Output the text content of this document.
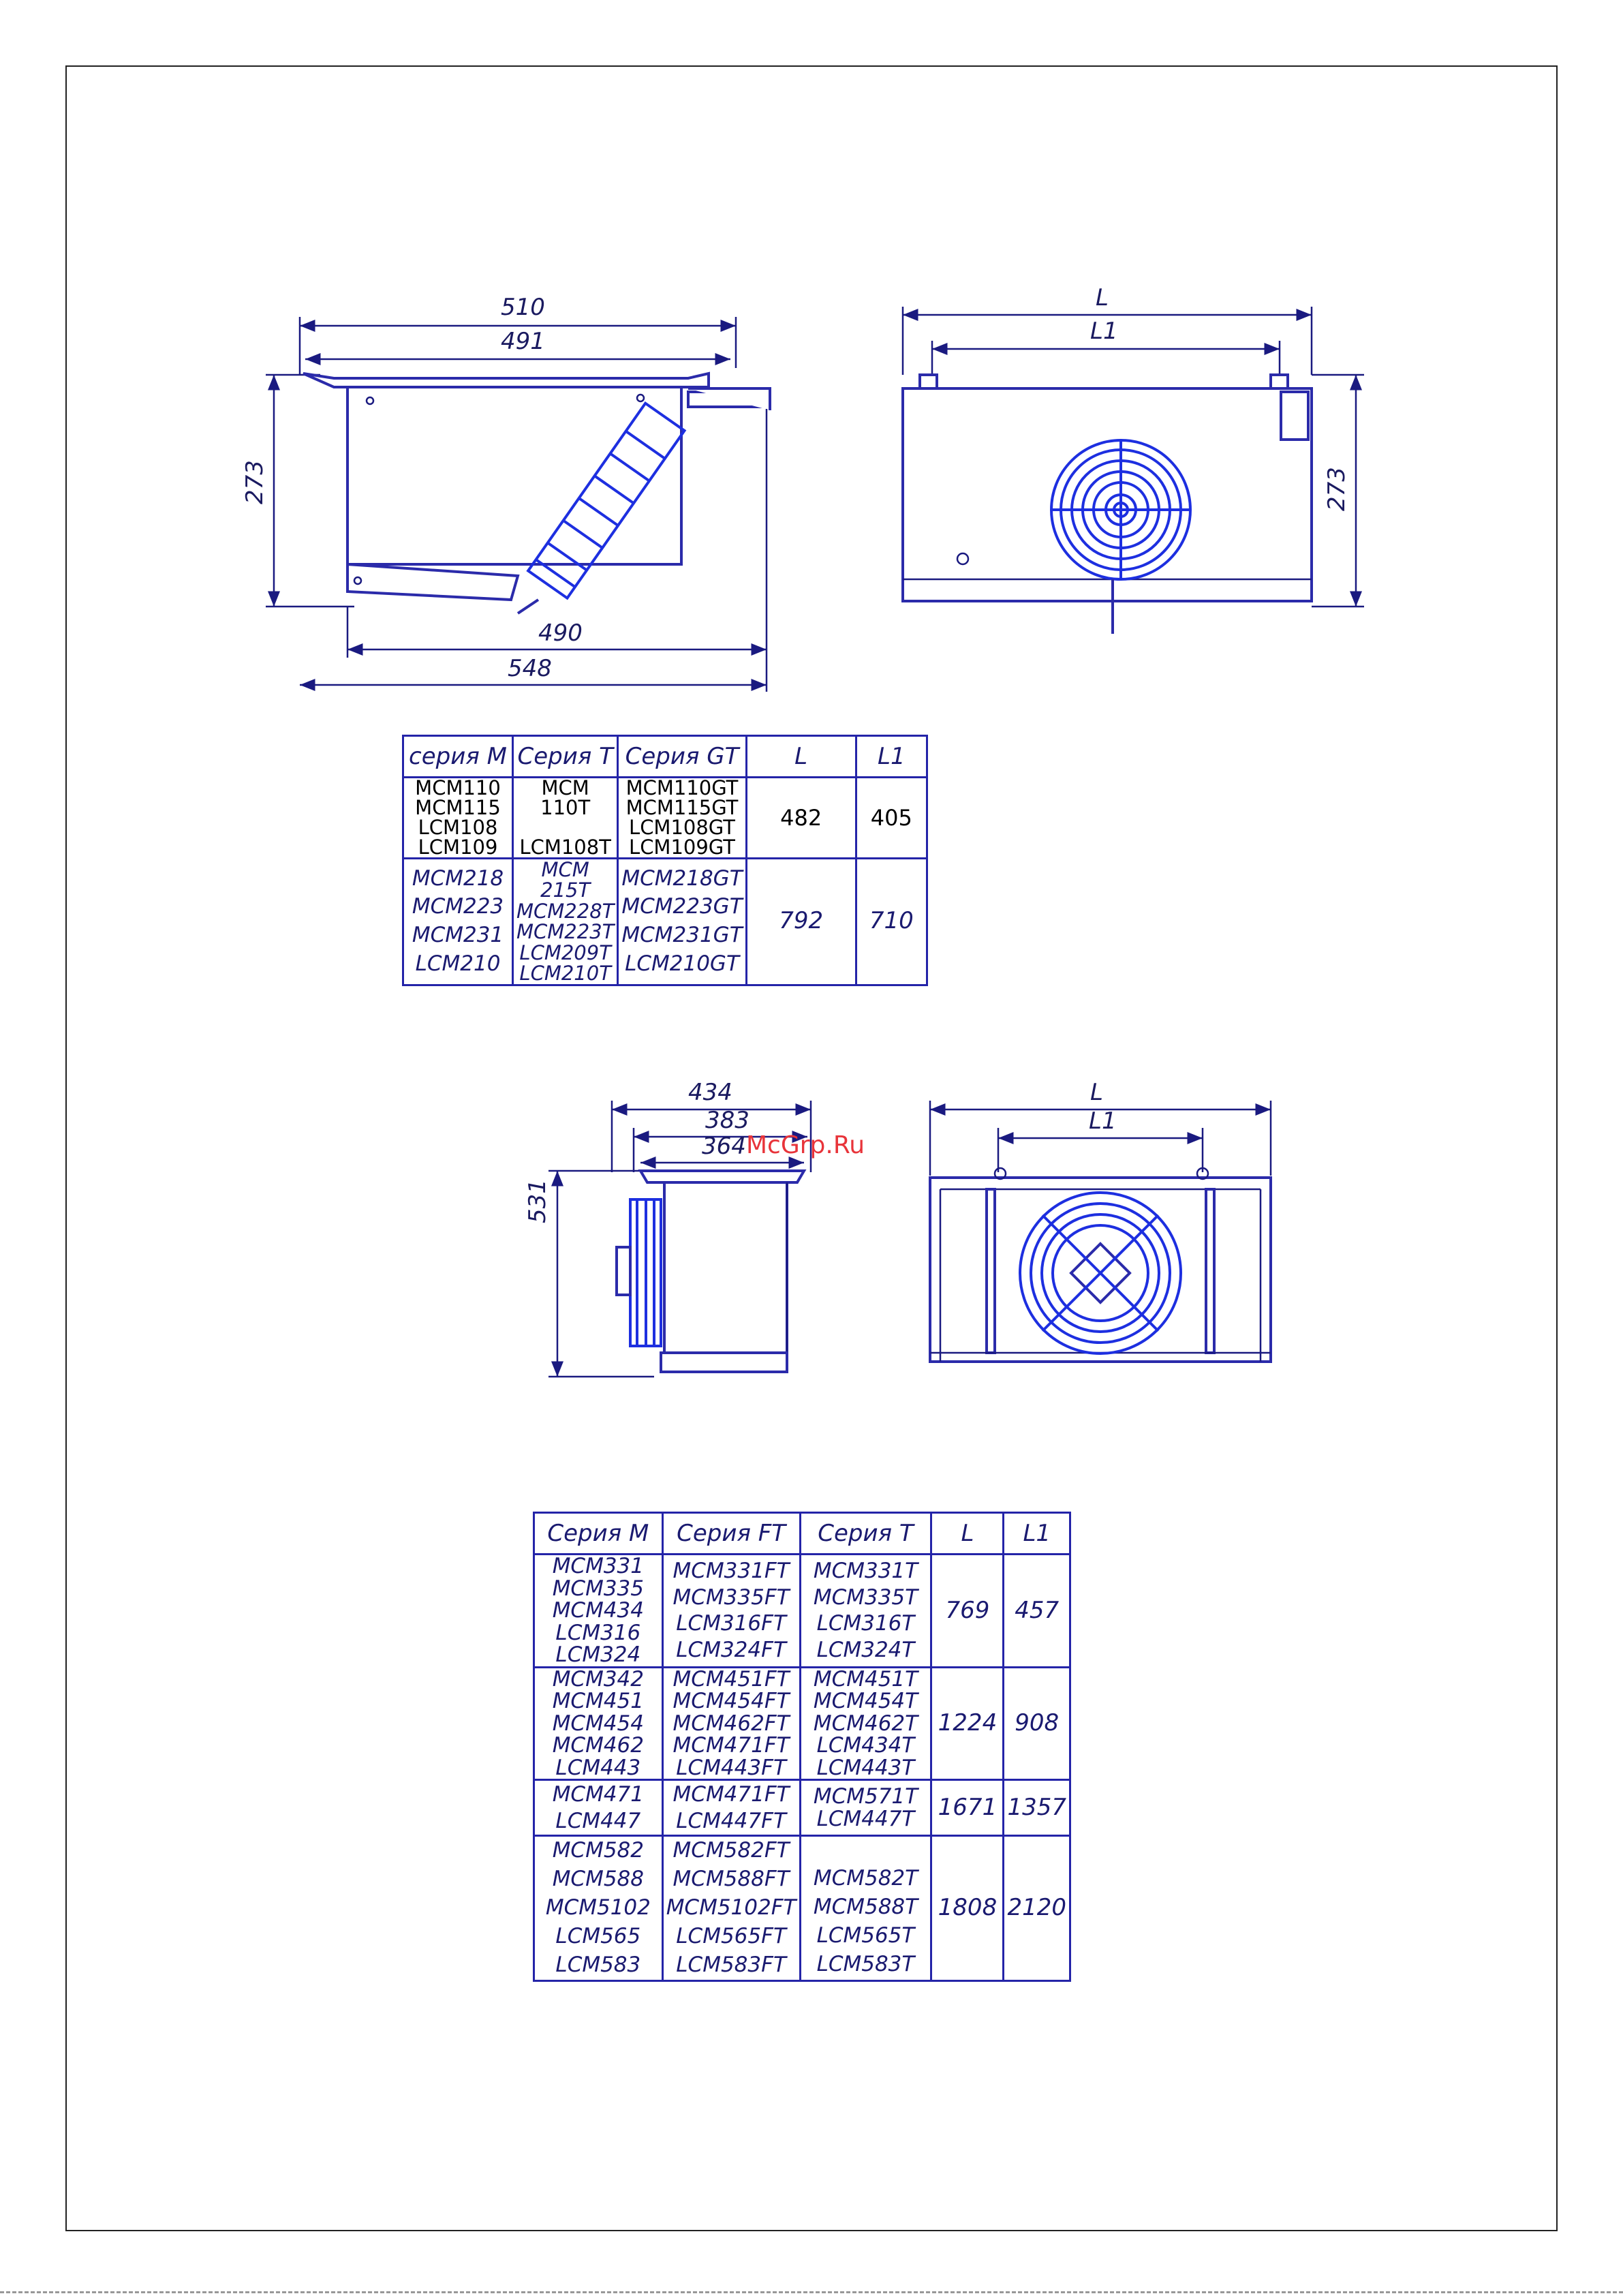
510
491
273
490
548
L
L1
273
434
383
364
531
L
L1
McGrp.Ru
серия М	Серия Т	Серия GT	L	L1
MCM110
MCM115
LCM108
LCM109	MCM 110T

LCM108T	MCM110GT
MCM115GT
LCM108GT
LCM109GT	482	405
MCM218
MCM223
MCM231
LCM210	MCM 215T
MCM228T
MCM223T
LCM209T
LCM210T	MCM218GT
MCM223GT
MCM231GT
LCM210GT	792	710
Серия М	Серия FT	Серия Т	L	L1
MCM331
MCM335
MCM434
LCM316
LCM324	MCM331FT
MCM335FT
LCM316FT
LCM324FT	MCM331T
MCM335T
LCM316T
LCM324T	769	457
MCM342
MCM451
MCM454
MCM462
LCM443	MCM451FT
MCM454FT
MCM462FT
MCM471FT
LCM443FT	MCM451T
MCM454T
MCM462T
LCM434T
LCM443T	1224	908
MCM471
LCM447	MCM471FT
LCM447FT	MCM571T
LCM447T	1671	1357
MCM582
MCM588
MCM5102
LCM565
LCM583	MCM582FT
MCM588FT
MCM5102FT
LCM565FT
LCM583FT	MCM582T
MCM588T
LCM565T
LCM583T	1808	2120
